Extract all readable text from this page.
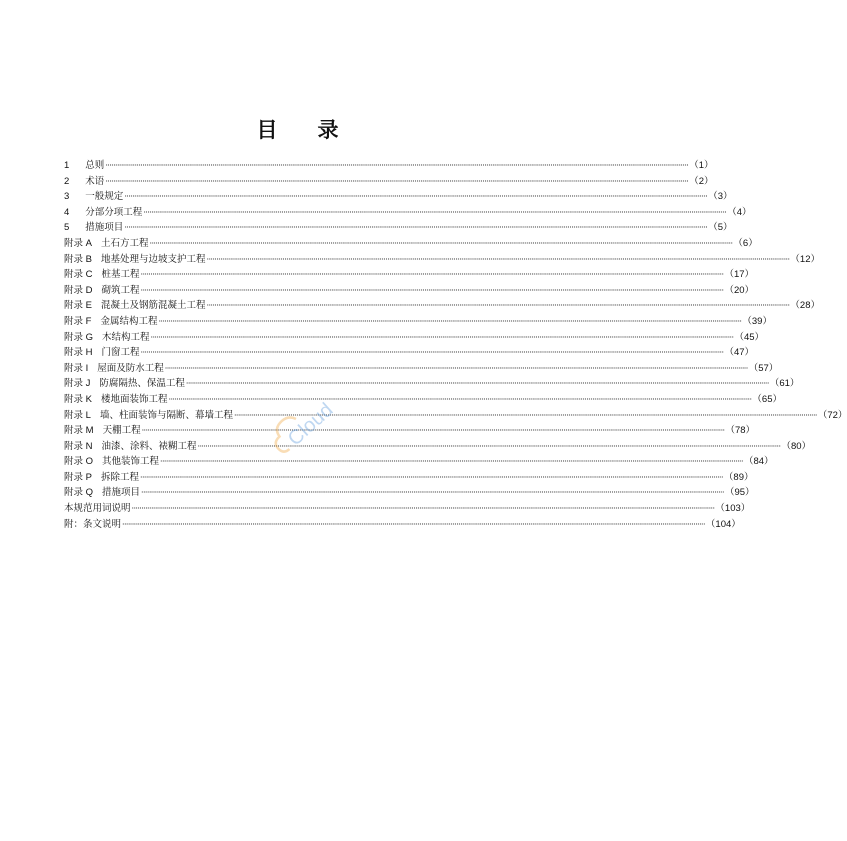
目 录
1 总则 ············································································································································································································································································································ （1）
2 术语 ············································································································································································································································································································ （2）
3 一般规定 ············································································································································································································································································································ （3）
4 分部分项工程 ············································································································································································································································································································ （4）
5 措施项目 ············································································································································································································································································································ （5）
附录 A 土石方工程 ············································································································································································································································································································ （6）
附录 B 地基处理与边坡支护工程 ············································································································································································································································································································ （12）
附录 C 桩基工程 ············································································································································································································································································································ （17）
附录 D 砌筑工程 ············································································································································································································································································································ （20）
附录 E 混凝土及钢筋混凝土工程 ············································································································································································································································································································ （28）
附录 F 金属结构工程 ············································································································································································································································································································ （39）
附录 G 木结构工程 ············································································································································································································································································································ （45）
附录 H 门窗工程 ············································································································································································································································································································ （47）
附录 I 屋面及防水工程 ············································································································································································································································································································ （57）
附录 J 防腐隔热、保温工程 ············································································································································································································································································································ （61）
附录 K 楼地面装饰工程 ············································································································································································································································································································ （65）
附录 L 墙、柱面装饰与隔断、幕墙工程 ············································································································································································································································································································ （72）
附录 M 天棚工程 ············································································································································································································································································································ （78）
附录 N 油漆、涂料、裱糊工程 ············································································································································································································································································································ （80）
附录 O 其他装饰工程 ············································································································································································································································································································ （84）
附录 P 拆除工程 ············································································································································································································································································································ （89）
附录 Q 措施项目 ············································································································································································································································································································ （95）
本规范用词说明 ············································································································································································································································································································ （103）
附：条文说明 ············································································································································································································································································································ （104）
Cloud
